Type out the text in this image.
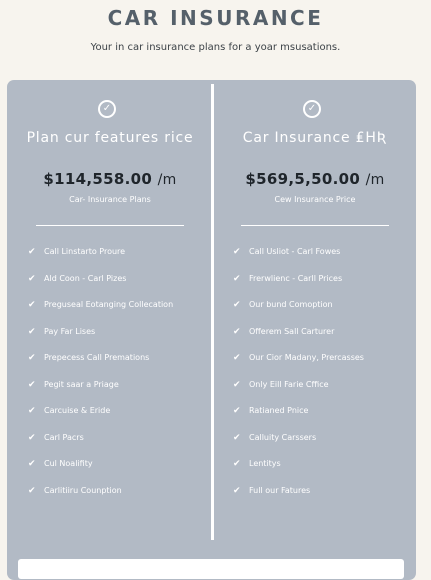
CAR INSURANCE
Your in car insurance plans for a yoar msusations.
✓
Plan cur features rice
$114,558.00 /m
Car- Insurance Plans
✔	Call Linstarto Proure
✔	Ald Coon - Carl Pizes
✔	Preguseal Eotanging Collecation
✔	Pay Far Lises
✔	Prepecess Call Premations
✔	Pegit saar a Priage
✔	Carcuise & Eride
✔	Carl Pacrs
✔	Cul Noalifity
✔	Carlitiiru Counption
✓
Car Insurance ₤HƦ
$569,5,50.00 /m
Cew Insurance Price
✔	Call Usliot - Carl Fowes
✔	Frerwlienc - Carll Prices
✔	Our bund Comoption
✔	Offerem Sall Carturer
✔	Our Cior Madany, Prercasses
✔	Only Eill Farie Cffice
✔	Ratianed Pnice
✔	Calluity Carssers
✔	Lentitys
✔	Full our Fatures
